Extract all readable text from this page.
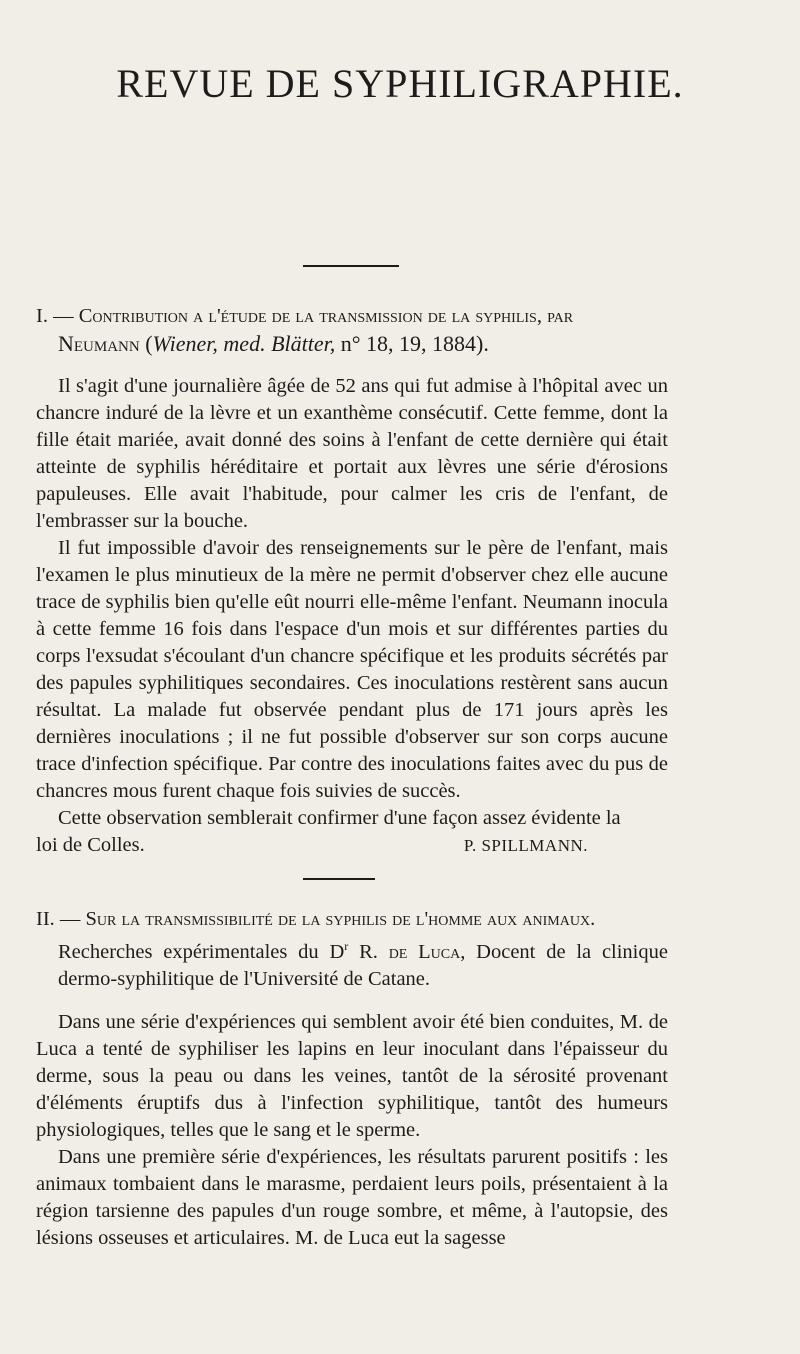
REVUE DE SYPHILIGRAPHIE.

I. — Contribution a l'étude de la transmission de la syphilis, par

Neumann (Wiener, med. Blätter, n° 18, 19, 1884).

Il s'agit d'une journalière âgée de 52 ans qui fut admise à l'hôpital avec un chancre induré de la lèvre et un exanthème consécutif. Cette femme, dont la fille était mariée, avait donné des soins à l'enfant de cette dernière qui était atteinte de syphilis héréditaire et portait aux lèvres une série d'érosions papuleuses. Elle avait l'habitude, pour calmer les cris de l'enfant, de l'embrasser sur la bouche.

Il fut impossible d'avoir des renseignements sur le père de l'enfant, mais l'examen le plus minutieux de la mère ne permit d'observer chez elle aucune trace de syphilis bien qu'elle eût nourri elle-même l'enfant. Neumann inocula à cette femme 16 fois dans l'espace d'un mois et sur différentes parties du corps l'exsudat s'écoulant d'un chancre spécifique et les produits sécrétés par des papules syphilitiques secondaires. Ces inoculations restèrent sans aucun résultat. La malade fut observée pendant plus de 171 jours après les dernières inoculations ; il ne fut possible d'observer sur son corps aucune trace d'infection spécifique. Par contre des inoculations faites avec du pus de chancres mous furent chaque fois suivies de succès.

Cette observation semblerait confirmer d'une façon assez évidente la

loi de Colles.	P. SPILLMANN.

II. — Sur la transmissibilité de la syphilis de l'homme aux animaux.

Recherches expérimentales du $D^r$ R. de Luca, Docent de la clinique dermo-syphilitique de l'Université de Catane.

Dans une série d'expériences qui semblent avoir été bien conduites, M. de Luca a tenté de syphiliser les lapins en leur inoculant dans l'épaisseur du derme, sous la peau ou dans les veines, tantôt de la sérosité provenant d'éléments éruptifs dus à l'infection syphilitique, tantôt des humeurs physiologiques, telles que le sang et le sperme.

Dans une première série d'expériences, les résultats parurent positifs : les animaux tombaient dans le marasme, perdaient leurs poils, présentaient à la région tarsienne des papules d'un rouge sombre, et même, à l'autopsie, des lésions osseuses et articulaires. M. de Luca eut la sagesse
